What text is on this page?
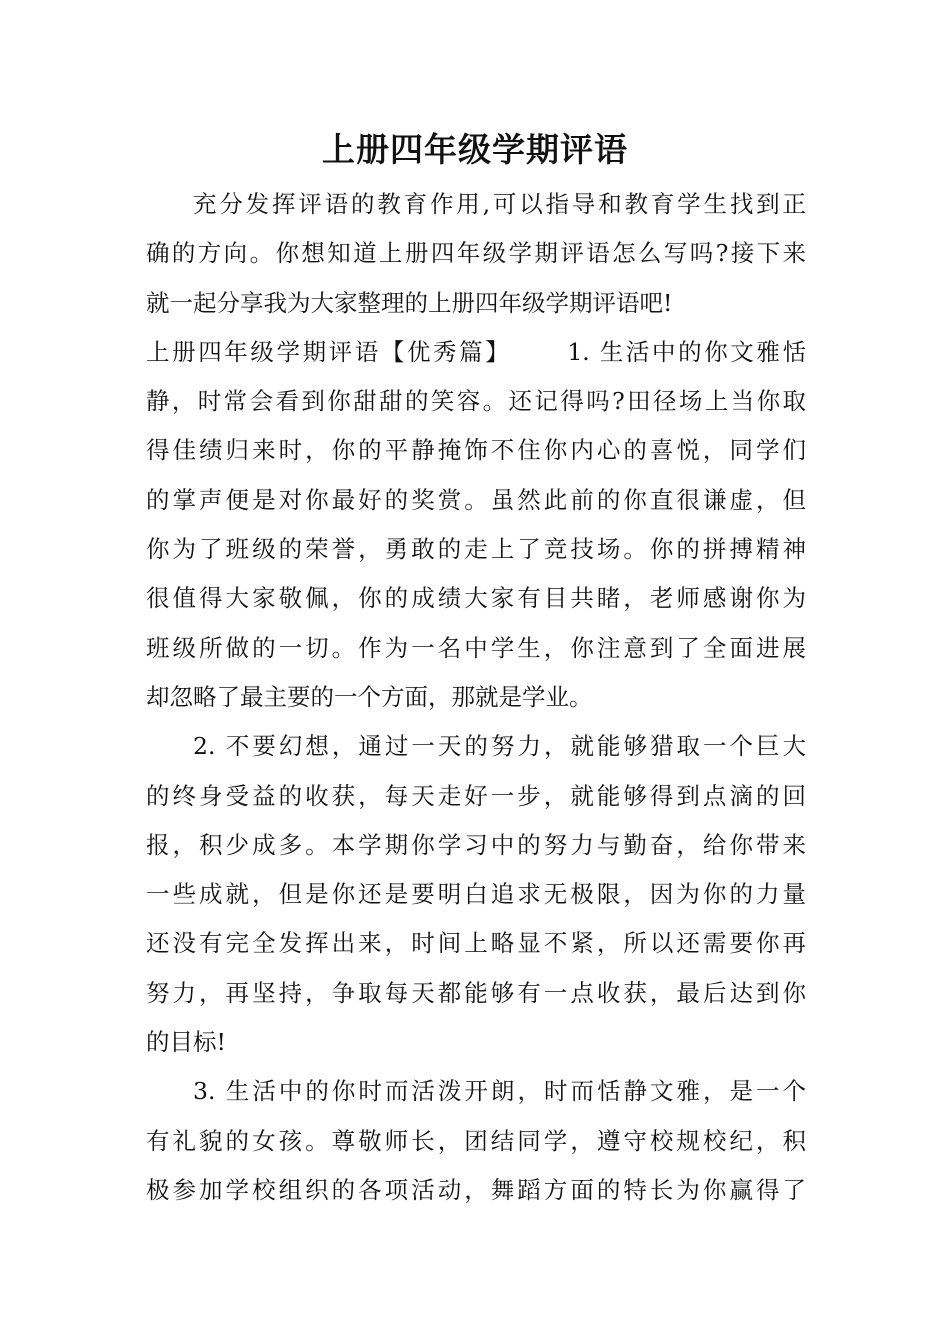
上册四年级学期评语
充分发挥评语的教育作用,可以指导和教育学生找到正
确的方向。你想知道上册四年级学期评语怎么写吗?接下来
就一起分享我为大家整理的上册四年级学期评语吧!
上册四年级学期评语【优秀篇】 1. 生活中的你文雅恬
静，时常会看到你甜甜的笑容。还记得吗?田径场上当你取
得佳绩归来时，你的平静掩饰不住你内心的喜悦，同学们
的掌声便是对你最好的奖赏。虽然此前的你直很谦虚，但
你为了班级的荣誉，勇敢的走上了竞技场。你的拼搏精神
很值得大家敬佩，你的成绩大家有目共睹，老师感谢你为
班级所做的一切。作为一名中学生，你注意到了全面进展
却忽略了最主要的一个方面，那就是学业。
2. 不要幻想，通过一天的努力，就能够猎取一个巨大
的终身受益的收获，每天走好一步，就能够得到点滴的回
报，积少成多。本学期你学习中的努力与勤奋，给你带来
一些成就，但是你还是要明白追求无极限，因为你的力量
还没有完全发挥出来，时间上略显不紧，所以还需要你再
努力，再坚持，争取每天都能够有一点收获，最后达到你
的目标!
3. 生活中的你时而活泼开朗，时而恬静文雅，是一个
有礼貌的女孩。尊敬师长，团结同学，遵守校规校纪，积
极参加学校组织的各项活动，舞蹈方面的特长为你赢得了
